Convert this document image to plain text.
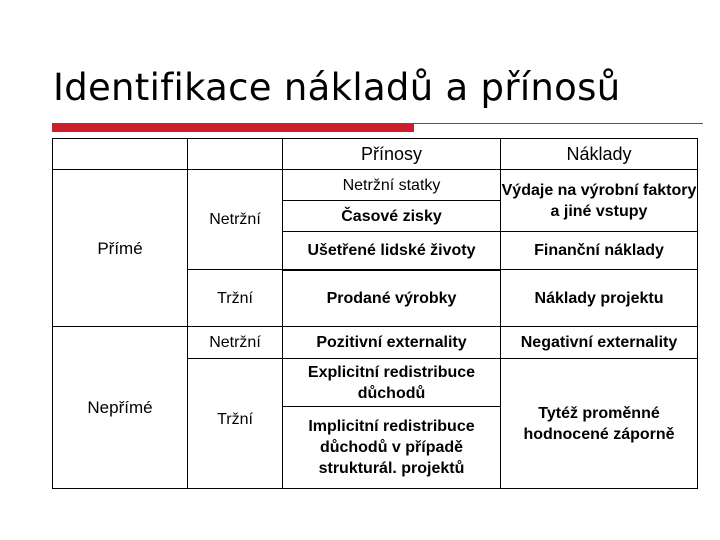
Identifikace nákladů a přínosů
		Přínosy	Náklady
Přímé	Netržní	Netržní statky	Výdaje na výrobní faktory a jiné vstupy
		Časové zisky	
		Ušetřené lidské životy	Finanční náklady
	Tržní	Prodané výrobky	Náklady projektu
Nepřímé	Netržní	Pozitivní externality	Negativní externality
	Tržní	Explicitní redistribuce důchodů	Tytéž proměnné hodnocené záporně
		Implicitní redistribuce důchodů v případě strukturál. projektů	
